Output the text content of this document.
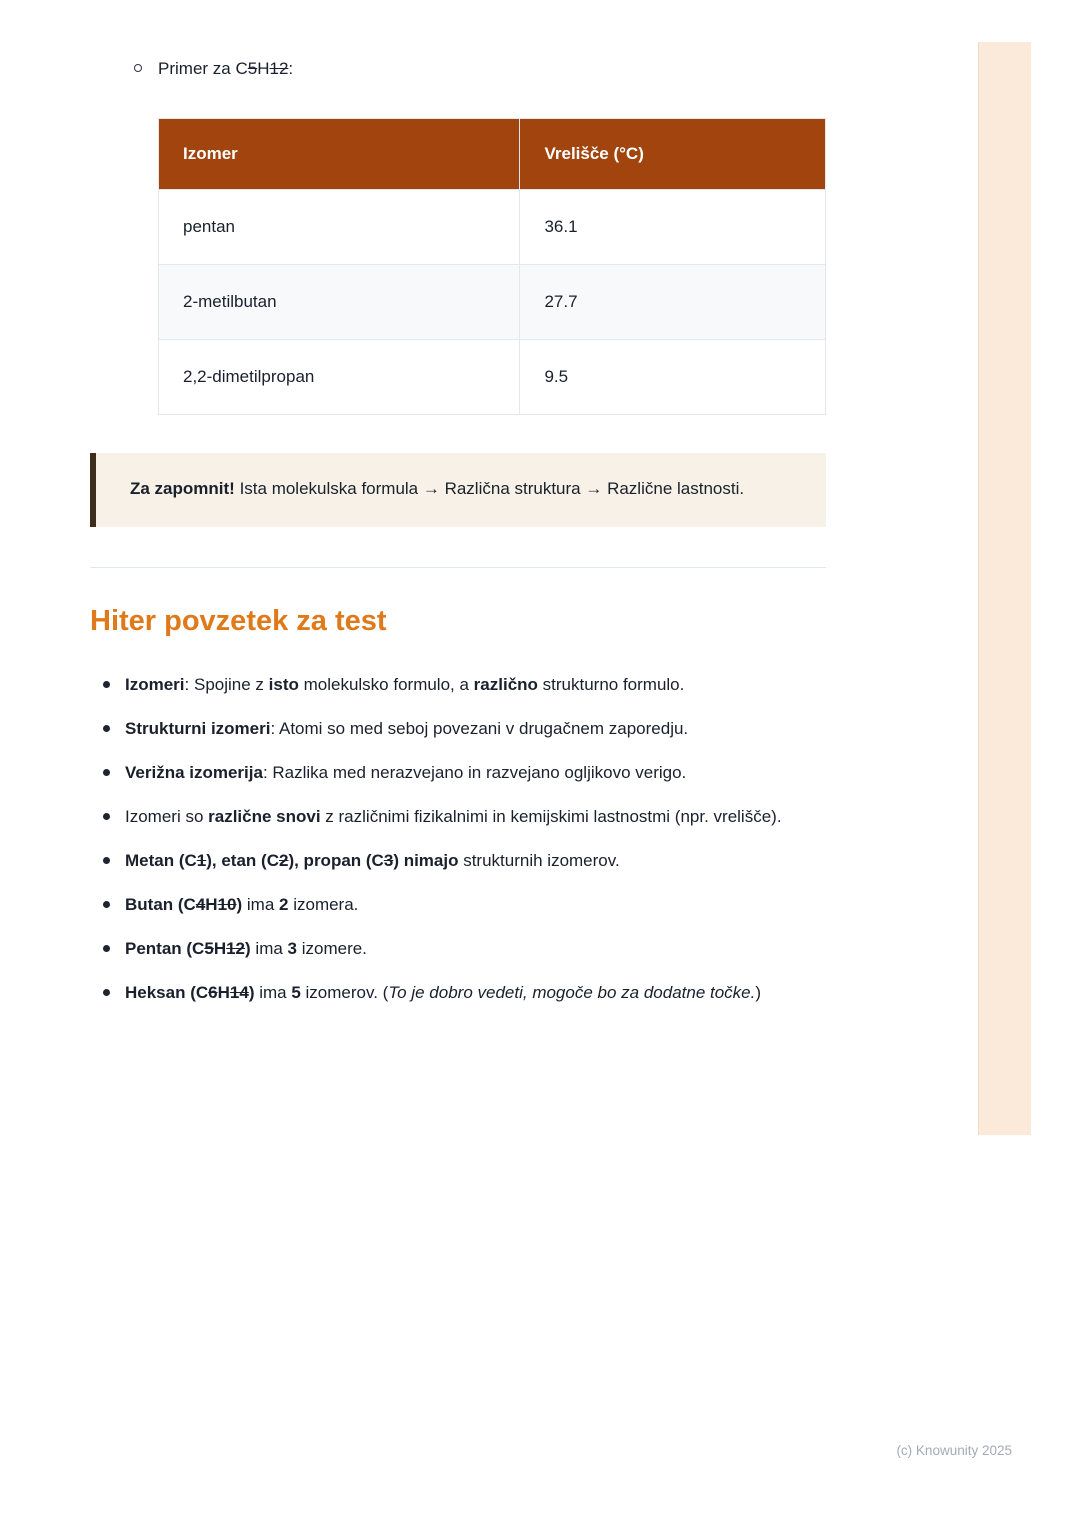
Primer za C5H12:
Izomer	Vrelišče (°C)
pentan	36.1
2-metilbutan	27.7
2,2-dimetilpropan	9.5
Za zapomnit! Ista molekulska formula → Različna struktura → Različne lastnosti.
Hiter povzetek za test
Izomeri: Spojine z isto molekulsko formulo, a različno strukturno formulo.
Strukturni izomeri: Atomi so med seboj povezani v drugačnem zaporedju.
Verižna izomerija: Razlika med nerazvejano in razvejano ogljikovo verigo.
Izomeri so različne snovi z različnimi fizikalnimi in kemijskimi lastnostmi (npr. vrelišče).
Metan (C1), etan (C2), propan (C3) nimajo strukturnih izomerov.
Butan (C4H10) ima 2 izomera.
Pentan (C5H12) ima 3 izomere.
Heksan (C6H14) ima 5 izomerov. (To je dobro vedeti, mogoče bo za dodatne točke.)
(c) Knowunity 2025
